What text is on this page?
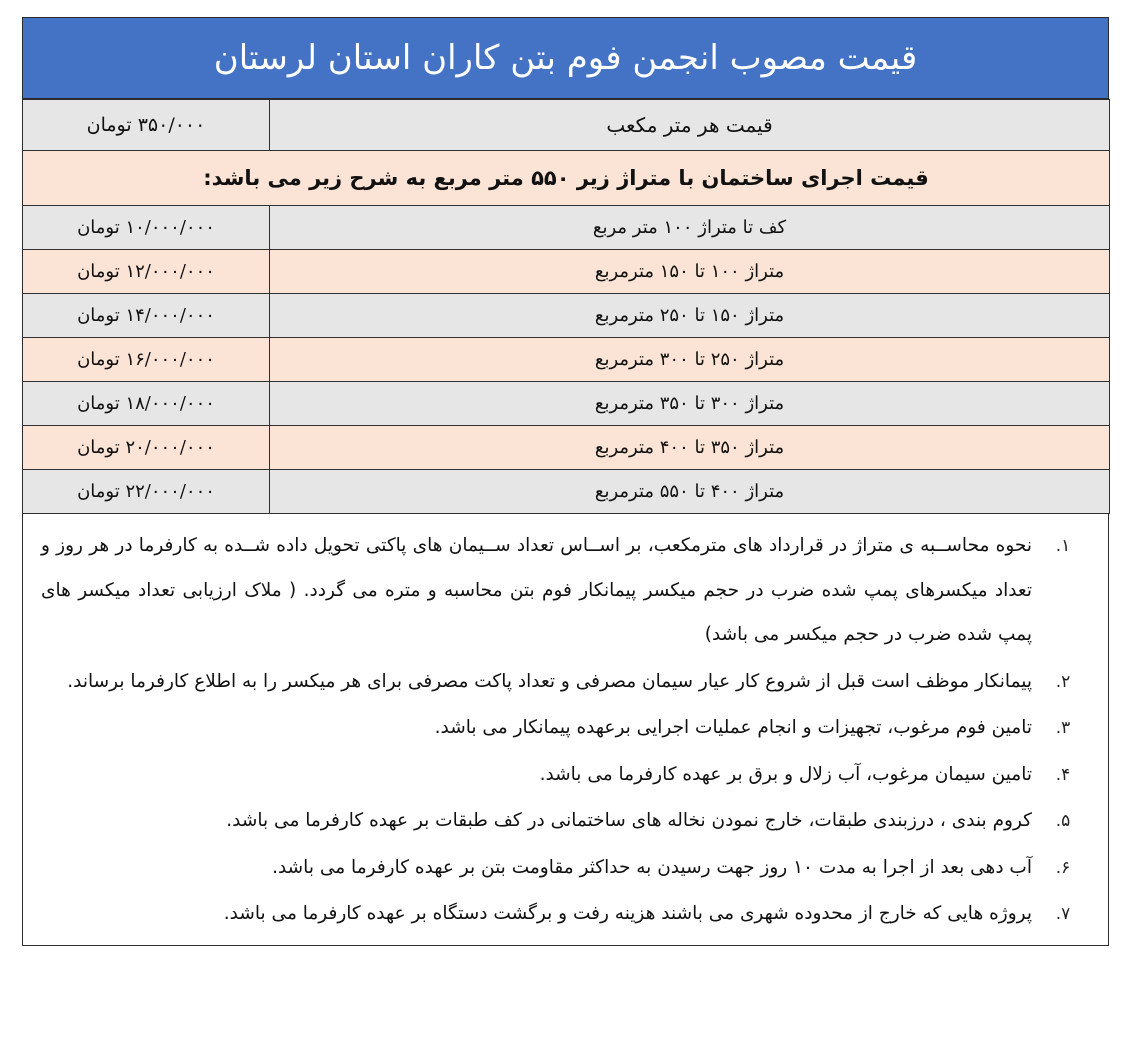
قیمت مصوب انجمن فوم بتن کاران استان لرستان
قیمت هر متر مکعب	۳۵۰/۰۰۰ تومان
قیمت اجرای ساختمان با متراژ زیر ۵۵۰ متر مربع به شرح زیر می باشد:	
کف تا متراژ ۱۰۰ متر مربع	۱۰/۰۰۰/۰۰۰ تومان
متراژ ۱۰۰ تا ۱۵۰ مترمربع	۱۲/۰۰۰/۰۰۰ تومان
متراژ ۱۵۰ تا ۲۵۰ مترمربع	۱۴/۰۰۰/۰۰۰ تومان
متراژ ۲۵۰ تا ۳۰۰ مترمربع	۱۶/۰۰۰/۰۰۰ تومان
متراژ ۳۰۰ تا ۳۵۰ مترمربع	۱۸/۰۰۰/۰۰۰ تومان
متراژ ۳۵۰ تا ۴۰۰ مترمربع	۲۰/۰۰۰/۰۰۰ تومان
متراژ ۴۰۰ تا ۵۵۰ مترمربع	۲۲/۰۰۰/۰۰۰ تومان
۱.
نحوه محاســبه ی متراژ در قرارداد های مترمکعب، بر اســاس تعداد ســیمان های پاکتی تحویل داده شــده به کارفرما در هر روز و تعداد میکسرهای پمپ شده ضرب در حجم میکسر پیمانکار فوم بتن محاسبه و متره می گردد. ( ملاک ارزیابی تعداد میکسر های پمپ شده ضرب در حجم میکسر می باشد)
۲.
پیمانکار موظف است قبل از شروع کار عیار سیمان مصرفی و تعداد پاکت مصرفی برای هر میکسر را به اطلاع کارفرما برساند.
۳.
تامین فوم مرغوب، تجهیزات و انجام عملیات اجرایی برعهده پیمانکار می باشد.
۴.
تامین سیمان مرغوب، آب زلال و برق بر عهده کارفرما می باشد.
۵.
کروم بندی ، درزبندی طبقات، خارج نمودن نخاله های ساختمانی در کف طبقات بر عهده کارفرما می باشد.
۶.
آب دهی بعد از اجرا به مدت ۱۰ روز جهت رسیدن به حداکثر مقاومت بتن بر عهده کارفرما می باشد.
۷.
پروژه هایی که خارج از محدوده شهری می باشند هزینه رفت و برگشت دستگاه بر عهده کارفرما می باشد.
